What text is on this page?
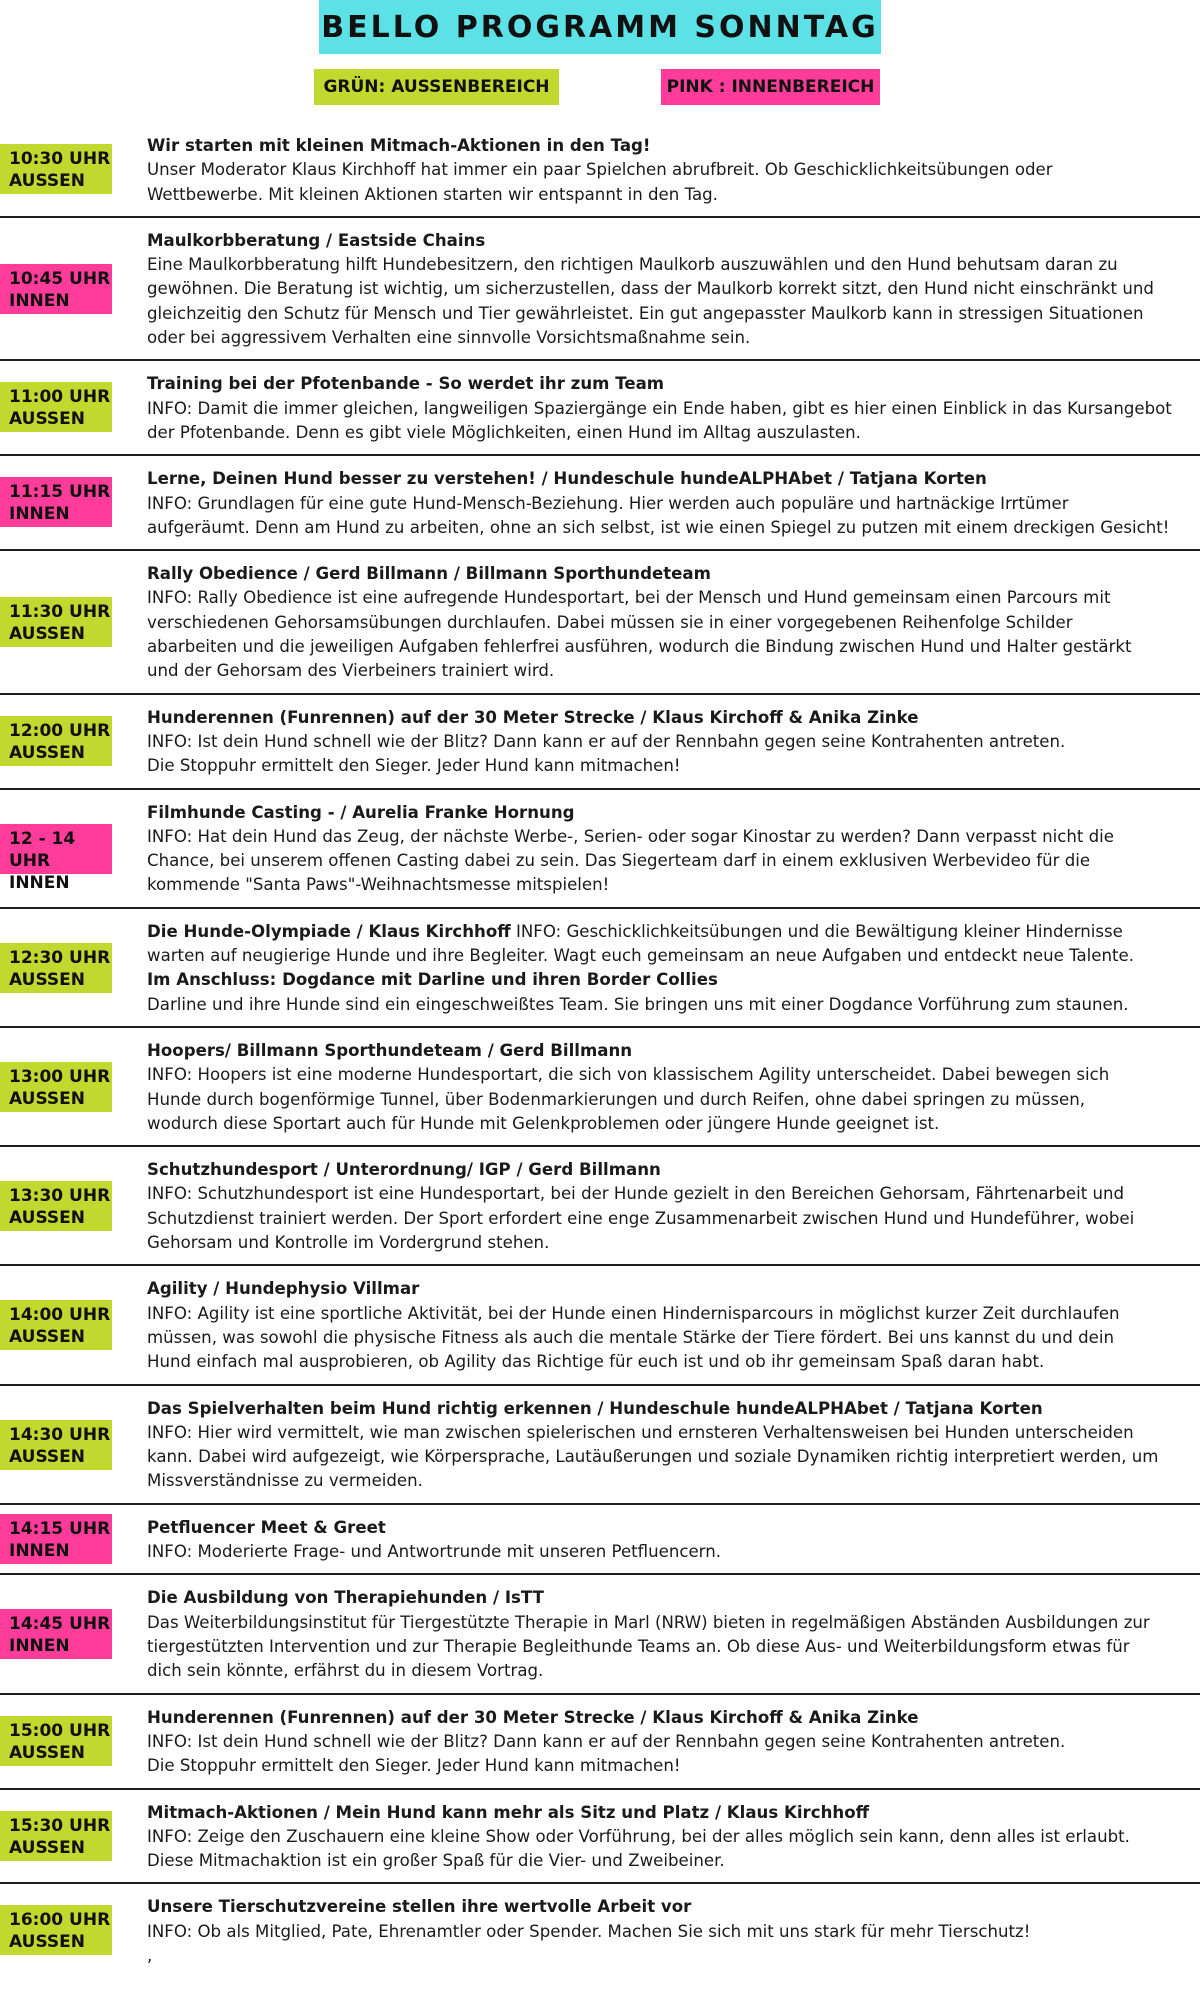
BELLO PROGRAMM SONNTAG
GRÜN: AUSSENBEREICH	PINK : INNENBEREICH
10:30 UHR
AUSSEN
Wir starten mit kleinen Mitmach-Aktionen in den Tag!
Unser Moderator Klaus Kirchhoff hat immer ein paar Spielchen abrufbreit. Ob Geschicklichkeitsübungen oder
Wettbewerbe. Mit kleinen Aktionen starten wir entspannt in den Tag.
10:45 UHR
INNEN
Maulkorbberatung / Eastside Chains
Eine Maulkorbberatung hilft Hundebesitzern, den richtigen Maulkorb auszuwählen und den Hund behutsam daran zu
gewöhnen. Die Beratung ist wichtig, um sicherzustellen, dass der Maulkorb korrekt sitzt, den Hund nicht einschränkt und
gleichzeitig den Schutz für Mensch und Tier gewährleistet. Ein gut angepasster Maulkorb kann in stressigen Situationen
oder bei aggressivem Verhalten eine sinnvolle Vorsichtsmaßnahme sein.
11:00 UHR
AUSSEN
Training bei der Pfotenbande - So werdet ihr zum Team
INFO: Damit die immer gleichen, langweiligen Spaziergänge ein Ende haben, gibt es hier einen Einblick in das Kursangebot
der Pfotenbande. Denn es gibt viele Möglichkeiten, einen Hund im Alltag auszulasten.
11:15 UHR
INNEN
Lerne, Deinen Hund besser zu verstehen! / Hundeschule hundeALPHAbet / Tatjana Korten
INFO: Grundlagen für eine gute Hund-Mensch-Beziehung. Hier werden auch populäre und hartnäckige Irrtümer
aufgeräumt. Denn am Hund zu arbeiten, ohne an sich selbst, ist wie einen Spiegel zu putzen mit einem dreckigen Gesicht!
11:30 UHR
AUSSEN
Rally Obedience / Gerd Billmann / Billmann Sporthundeteam
INFO: Rally Obedience ist eine aufregende Hundesportart, bei der Mensch und Hund gemeinsam einen Parcours mit
verschiedenen Gehorsamsübungen durchlaufen. Dabei müssen sie in einer vorgegebenen Reihenfolge Schilder
abarbeiten und die jeweiligen Aufgaben fehlerfrei ausführen, wodurch die Bindung zwischen Hund und Halter gestärkt
und der Gehorsam des Vierbeiners trainiert wird.
12:00 UHR
AUSSEN
Hunderennen (Funrennen) auf der 30 Meter Strecke / Klaus Kirchoff & Anika Zinke
INFO: Ist dein Hund schnell wie der Blitz? Dann kann er auf der Rennbahn gegen seine Kontrahenten antreten.
Die Stoppuhr ermittelt den Sieger. Jeder Hund kann mitmachen!
12 - 14 UHR
INNEN
Filmhunde Casting - / Aurelia Franke Hornung
INFO: Hat dein Hund das Zeug, der nächste Werbe-, Serien- oder sogar Kinostar zu werden? Dann verpasst nicht die
Chance, bei unserem offenen Casting dabei zu sein. Das Siegerteam darf in einem exklusiven Werbevideo für die
kommende "Santa Paws"-Weihnachtsmesse mitspielen!
12:30 UHR
AUSSEN
Die Hunde-Olympiade / Klaus Kirchhoff INFO: Geschicklichkeitsübungen und die Bewältigung kleiner Hindernisse
warten auf neugierige Hunde und ihre Begleiter. Wagt euch gemeinsam an neue Aufgaben und entdeckt neue Talente.
Im Anschluss: Dogdance mit Darline und ihren Border Collies
Darline und ihre Hunde sind ein eingeschweißtes Team. Sie bringen uns mit einer Dogdance Vorführung zum staunen.
13:00 UHR
AUSSEN
Hoopers/ Billmann Sporthundeteam / Gerd Billmann
INFO: Hoopers ist eine moderne Hundesportart, die sich von klassischem Agility unterscheidet. Dabei bewegen sich
Hunde durch bogenförmige Tunnel, über Bodenmarkierungen und durch Reifen, ohne dabei springen zu müssen,
wodurch diese Sportart auch für Hunde mit Gelenkproblemen oder jüngere Hunde geeignet ist.
13:30 UHR
AUSSEN
Schutzhundesport / Unterordnung/ IGP / Gerd Billmann
INFO: Schutzhundesport ist eine Hundesportart, bei der Hunde gezielt in den Bereichen Gehorsam, Fährtenarbeit und
Schutzdienst trainiert werden. Der Sport erfordert eine enge Zusammenarbeit zwischen Hund und Hundeführer, wobei
Gehorsam und Kontrolle im Vordergrund stehen.
14:00 UHR
AUSSEN
Agility / Hundephysio Villmar
INFO: Agility ist eine sportliche Aktivität, bei der Hunde einen Hindernisparcours in möglichst kurzer Zeit durchlaufen
müssen, was sowohl die physische Fitness als auch die mentale Stärke der Tiere fördert. Bei uns kannst du und dein
Hund einfach mal ausprobieren, ob Agility das Richtige für euch ist und ob ihr gemeinsam Spaß daran habt.
14:30 UHR
AUSSEN
Das Spielverhalten beim Hund richtig erkennen / Hundeschule hundeALPHAbet / Tatjana Korten
INFO: Hier wird vermittelt, wie man zwischen spielerischen und ernsteren Verhaltensweisen bei Hunden unterscheiden
kann. Dabei wird aufgezeigt, wie Körpersprache, Lautäußerungen und soziale Dynamiken richtig interpretiert werden, um
Missverständnisse zu vermeiden.
14:15 UHR
INNEN
Petfluencer Meet & Greet
INFO: Moderierte Frage- und Antwortrunde mit unseren Petfluencern.
14:45 UHR
INNEN
Die Ausbildung von Therapiehunden / IsTT
Das Weiterbildungsinstitut für Tiergestützte Therapie in Marl (NRW) bieten in regelmäßigen Abständen Ausbildungen zur
tiergestützten Intervention und zur Therapie Begleithunde Teams an. Ob diese Aus- und Weiterbildungsform etwas für
dich sein könnte, erfährst du in diesem Vortrag.
15:00 UHR
AUSSEN
Hunderennen (Funrennen) auf der 30 Meter Strecke / Klaus Kirchoff & Anika Zinke
INFO: Ist dein Hund schnell wie der Blitz? Dann kann er auf der Rennbahn gegen seine Kontrahenten antreten.
Die Stoppuhr ermittelt den Sieger. Jeder Hund kann mitmachen!
15:30 UHR
AUSSEN
Mitmach-Aktionen / Mein Hund kann mehr als Sitz und Platz / Klaus Kirchhoff
INFO: Zeige den Zuschauern eine kleine Show oder Vorführung, bei der alles möglich sein kann, denn alles ist erlaubt.
Diese Mitmachaktion ist ein großer Spaß für die Vier- und Zweibeiner.
16:00 UHR
AUSSEN
Unsere Tierschutzvereine stellen ihre wertvolle Arbeit vor
INFO: Ob als Mitglied, Pate, Ehrenamtler oder Spender. Machen Sie sich mit uns stark für mehr Tierschutz!
,
